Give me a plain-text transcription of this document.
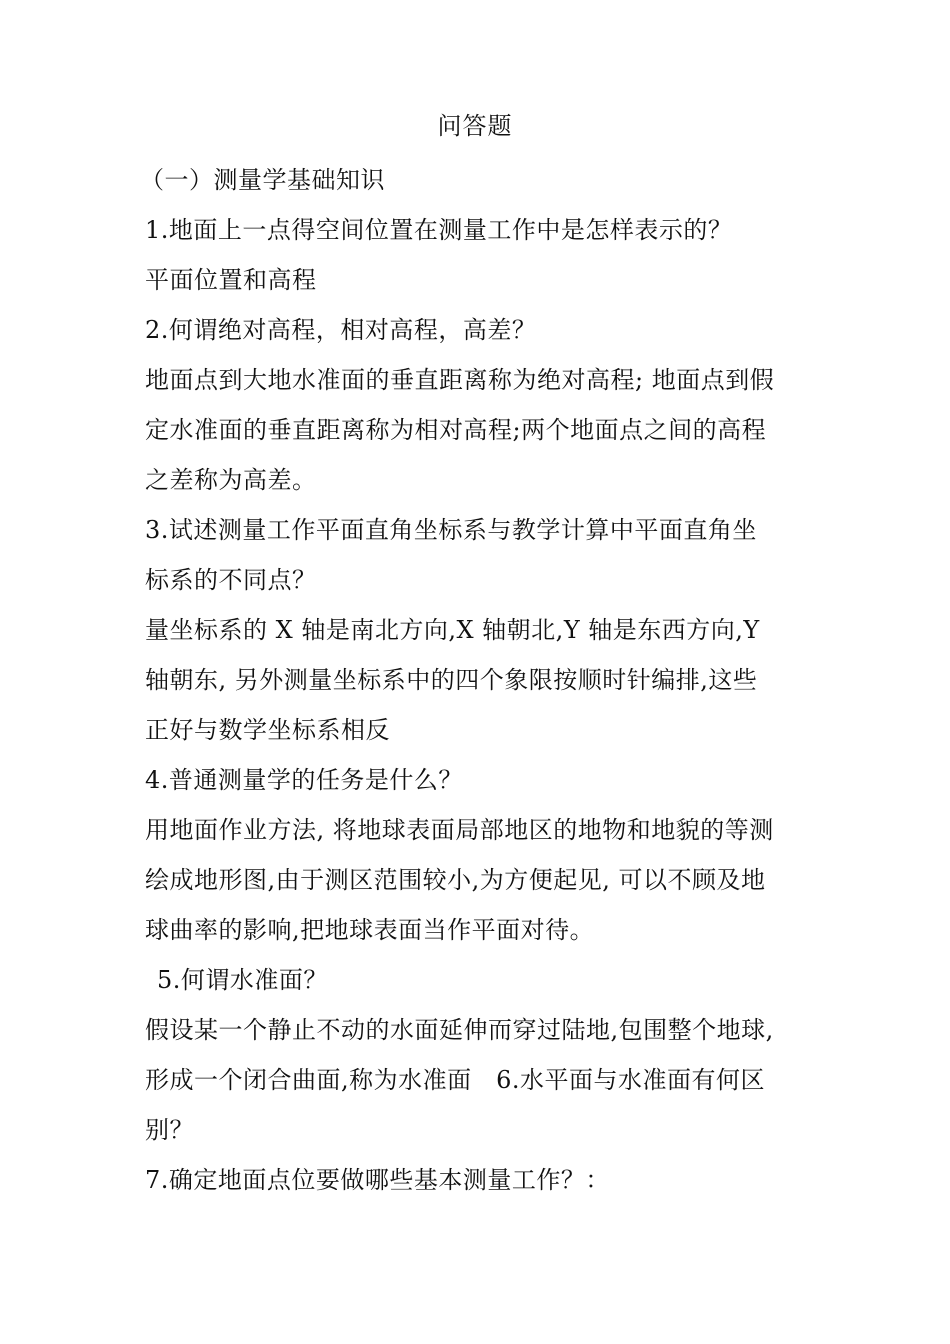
问答题
（一）测量学基础知识
1.地面上一点得空间位置在测量工作中是怎样表示的？
平面位置和高程
2.何谓绝对高程，相对高程，高差？
地面点到大地水准面的垂直距离称为绝对高程; 地面点到假
定水准面的垂直距离称为相对高程;两个地面点之间的高程
之差称为高差。
3.试述测量工作平面直角坐标系与教学计算中平面直角坐
标系的不同点？
量坐标系的 X 轴是南北方向,X 轴朝北,Y 轴是东西方向,Y
轴朝东, 另外测量坐标系中的四个象限按顺时针编排,这些
正好与数学坐标系相反
4.普通测量学的任务是什么？
用地面作业方法, 将地球表面局部地区的地物和地貌的等测
绘成地形图,由于测区范围较小,为方便起见, 可以不顾及地
球曲率的影响,把地球表面当作平面对待。
5.何谓水准面？
假设某一个静止不动的水面延伸而穿过陆地,包围整个地球,
形成一个闭合曲面,称为水准面　6.水平面与水准面有何区
别？
7.确定地面点位要做哪些基本测量工作？：
